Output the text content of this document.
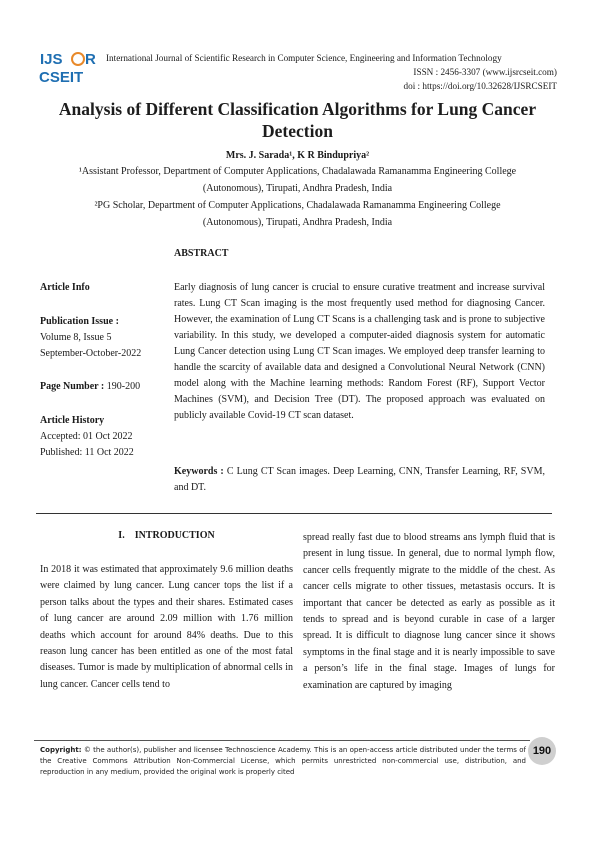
IJS R
CSEIT
International Journal of Scientific Research in Computer Science, Engineering and Information Technology
ISSN : 2456-3307 (www.ijsrcseit.com)
doi : https://doi.org/10.32628/IJSRCSEIT
Analysis of Different Classification Algorithms for Lung Cancer
Detection
Mrs. J. Sarada¹, K R Bindupriya²
¹Assistant Professor, Department of Computer Applications, Chadalawada Ramanamma Engineering College
(Autonomous), Tirupati, Andhra Pradesh, India
²PG Scholar, Department of Computer Applications, Chadalawada Ramanamma Engineering College
(Autonomous), Tirupati, Andhra Pradesh, India
ABSTRACT
Article Info
Publication Issue :
Volume 8, Issue 5
September-October-2022
Page Number : 190-200
Article History
Accepted: 01 Oct 2022
Published: 11 Oct 2022
Early diagnosis of lung cancer is crucial to ensure curative treatment and increase survival rates. Lung CT Scan imaging is the most frequently used method for diagnosing Cancer. However, the examination of Lung CT Scans is a challenging task and is prone to subjective variability. In this study, we developed a computer-aided diagnosis system for automatic Lung Cancer detection using Lung CT Scan images. We employed deep transfer learning to handle the scarcity of available data and designed a Convolutional Neural Network (CNN) model along with the Machine learning methods: Random Forest (RF), Support Vector Machines (SVM), and Decision Tree (DT). The proposed approach was evaluated on publicly available Covid-19 CT scan dataset.
Keywords : C Lung CT Scan images. Deep Learning, CNN, Transfer Learning, RF, SVM, and DT.
I.    INTRODUCTION
In 2018 it was estimated that approximately 9.6 million deaths were claimed by lung cancer. Lung cancer tops the list if a person talks about the types and their shares. Estimated cases of lung cancer are around 2.09 million with 1.76 million deaths which account for around 84% deaths. Due to this reason lung cancer has been entitled as one of the most fatal diseases. Tumor is made by multiplication of abnormal cells in lung cancer. Cancer cells tend to
spread really fast due to blood streams ans lymph fluid that is present in lung tissue. In general, due to normal lymph flow, cancer cells frequently migrate to the middle of the chest. As cancer cells migrate to other tissues, metastasis occurs. It is important that cancer be detected as early as possible as it tends to spread and is beyond curable in case of a larger spread. It is difficult to diagnose lung cancer since it shows symptoms in the final stage and it is nearly impossible to save a person’s life in the final stage. Images of lungs for examination are captured by imaging
Copyright: © the author(s), publisher and licensee Technoscience Academy. This is an open-access article distributed under the terms of the Creative Commons Attribution Non-Commercial License, which permits unrestricted non-commercial use, distribution, and reproduction in any medium, provided the original work is properly cited
190
